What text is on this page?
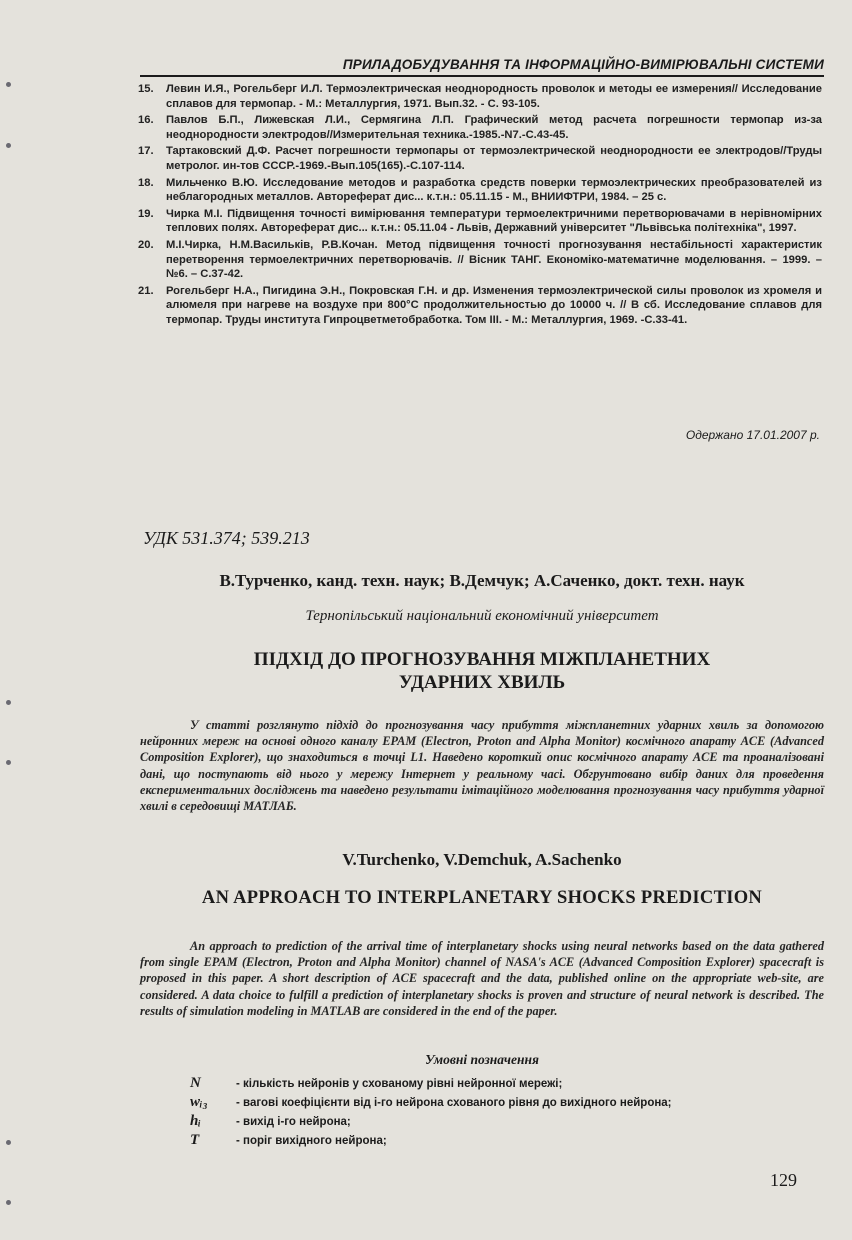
ПРИЛАДОБУДУВАННЯ ТА ІНФОРМАЦІЙНО-ВИМІРЮВАЛЬНІ СИСТЕМИ
15.	Левин И.Я., Рогельберг И.Л. Термоэлектрическая неоднородность проволок и методы ее измерения// Исследование сплавов для термопар. - М.: Металлургия, 1971. Вып.32. - С. 93-105.
16.	Павлов Б.П., Лижевская Л.И., Сермягина Л.П. Графический метод расчета погрешности термопар из-за неоднородности электродов//Измерительная техника.-1985.-N7.-С.43-45.
17.	Тартаковский Д.Ф. Расчет погрешности термопары от термоэлектрической неоднородности ее электродов//Труды метролог. ин-тов СССР.-1969.-Вып.105(165).-С.107-114.
18.	Мильченко В.Ю. Исследование методов и разработка средств поверки термоэлектрических преобразователей из неблагородных металлов. Автореферат дис... к.т.н.: 05.11.15 - М., ВНИИФТРИ, 1984. – 25 с.
19.	Чирка М.І. Підвищення точності вимірювання температури термоелектричними перетворювачами в нерівномірних теплових полях. Автореферат дис... к.т.н.: 05.11.04 - Львів, Державний університет "Львівська політехніка", 1997.
20.	М.І.Чирка, Н.М.Васильків, Р.В.Кочан. Метод підвищення точності прогнозування нестабільності характеристик перетворення термоелектричних перетворювачів. // Вісник ТАНГ. Економіко-математичне моделювання. – 1999. – №6. – С.37-42.
21.	Рогельберг Н.А., Пигидина Э.Н., Покровская Г.Н. и др. Изменения термоэлектрической силы проволок из хромеля и алюмеля при нагреве на воздухе при 800°С продолжительностью до 10000 ч. // В сб. Исследование сплавов для термопар. Труды института Гипроцветметобработка. Том III. - М.: Металлургия, 1969. -С.33-41.
Одержано 17.01.2007 р.
УДК 531.374; 539.213
В.Турченко, канд. техн. наук; В.Демчук; А.Саченко, докт. техн. наук
Тернопільський національний економічний університет
ПІДХІД ДО ПРОГНОЗУВАННЯ МІЖПЛАНЕТНИХ
УДАРНИХ ХВИЛЬ
У статті розглянуто підхід до прогнозування часу прибуття міжпланетних ударних хвиль за допомогою нейронних мереж на основі одного каналу EPAM (Electron, Proton and Alpha Monitor) космічного апарату ACE (Advanced Composition Explorer), що знаходиться в точці L1. Наведено короткий опис космічного апарату ACE та проаналізовані дані, що поступають від нього у мережу Інтернет у реальному часі. Обгрунтовано вибір даних для проведення експериментальних досліджень та наведено результати імітаційного моделювання прогнозування часу прибуття ударної хвилі в середовищі MATЛAБ.
V.Turchenko, V.Demchuk, A.Sachenko
AN APPROACH TO INTERPLANETARY SHOCKS PREDICTION
An approach to prediction of the arrival time of interplanetary shocks using neural networks based on the data gathered from single EPAM (Electron, Proton and Alpha Monitor) channel of NASA's ACE (Advanced Composition Explorer) spacecraft is proposed in this paper. A short description of ACE spacecraft and the data, published online on the appropriate web-site, are considered. A data choice to fulfill a prediction of interplanetary shocks is proven and structure of neural network is described. The results of simulation modeling in MATLAB are considered in the end of the paper.
Умовні позначення
N	- кількість нейронів у схованому рівні нейронної мережі;
wᵢ₃	- вагові коефіцієнти від i-го нейрона схованого рівня до вихідного нейрона;
hᵢ	- вихід i-го нейрона;
T	- поріг вихідного нейрона;
129
